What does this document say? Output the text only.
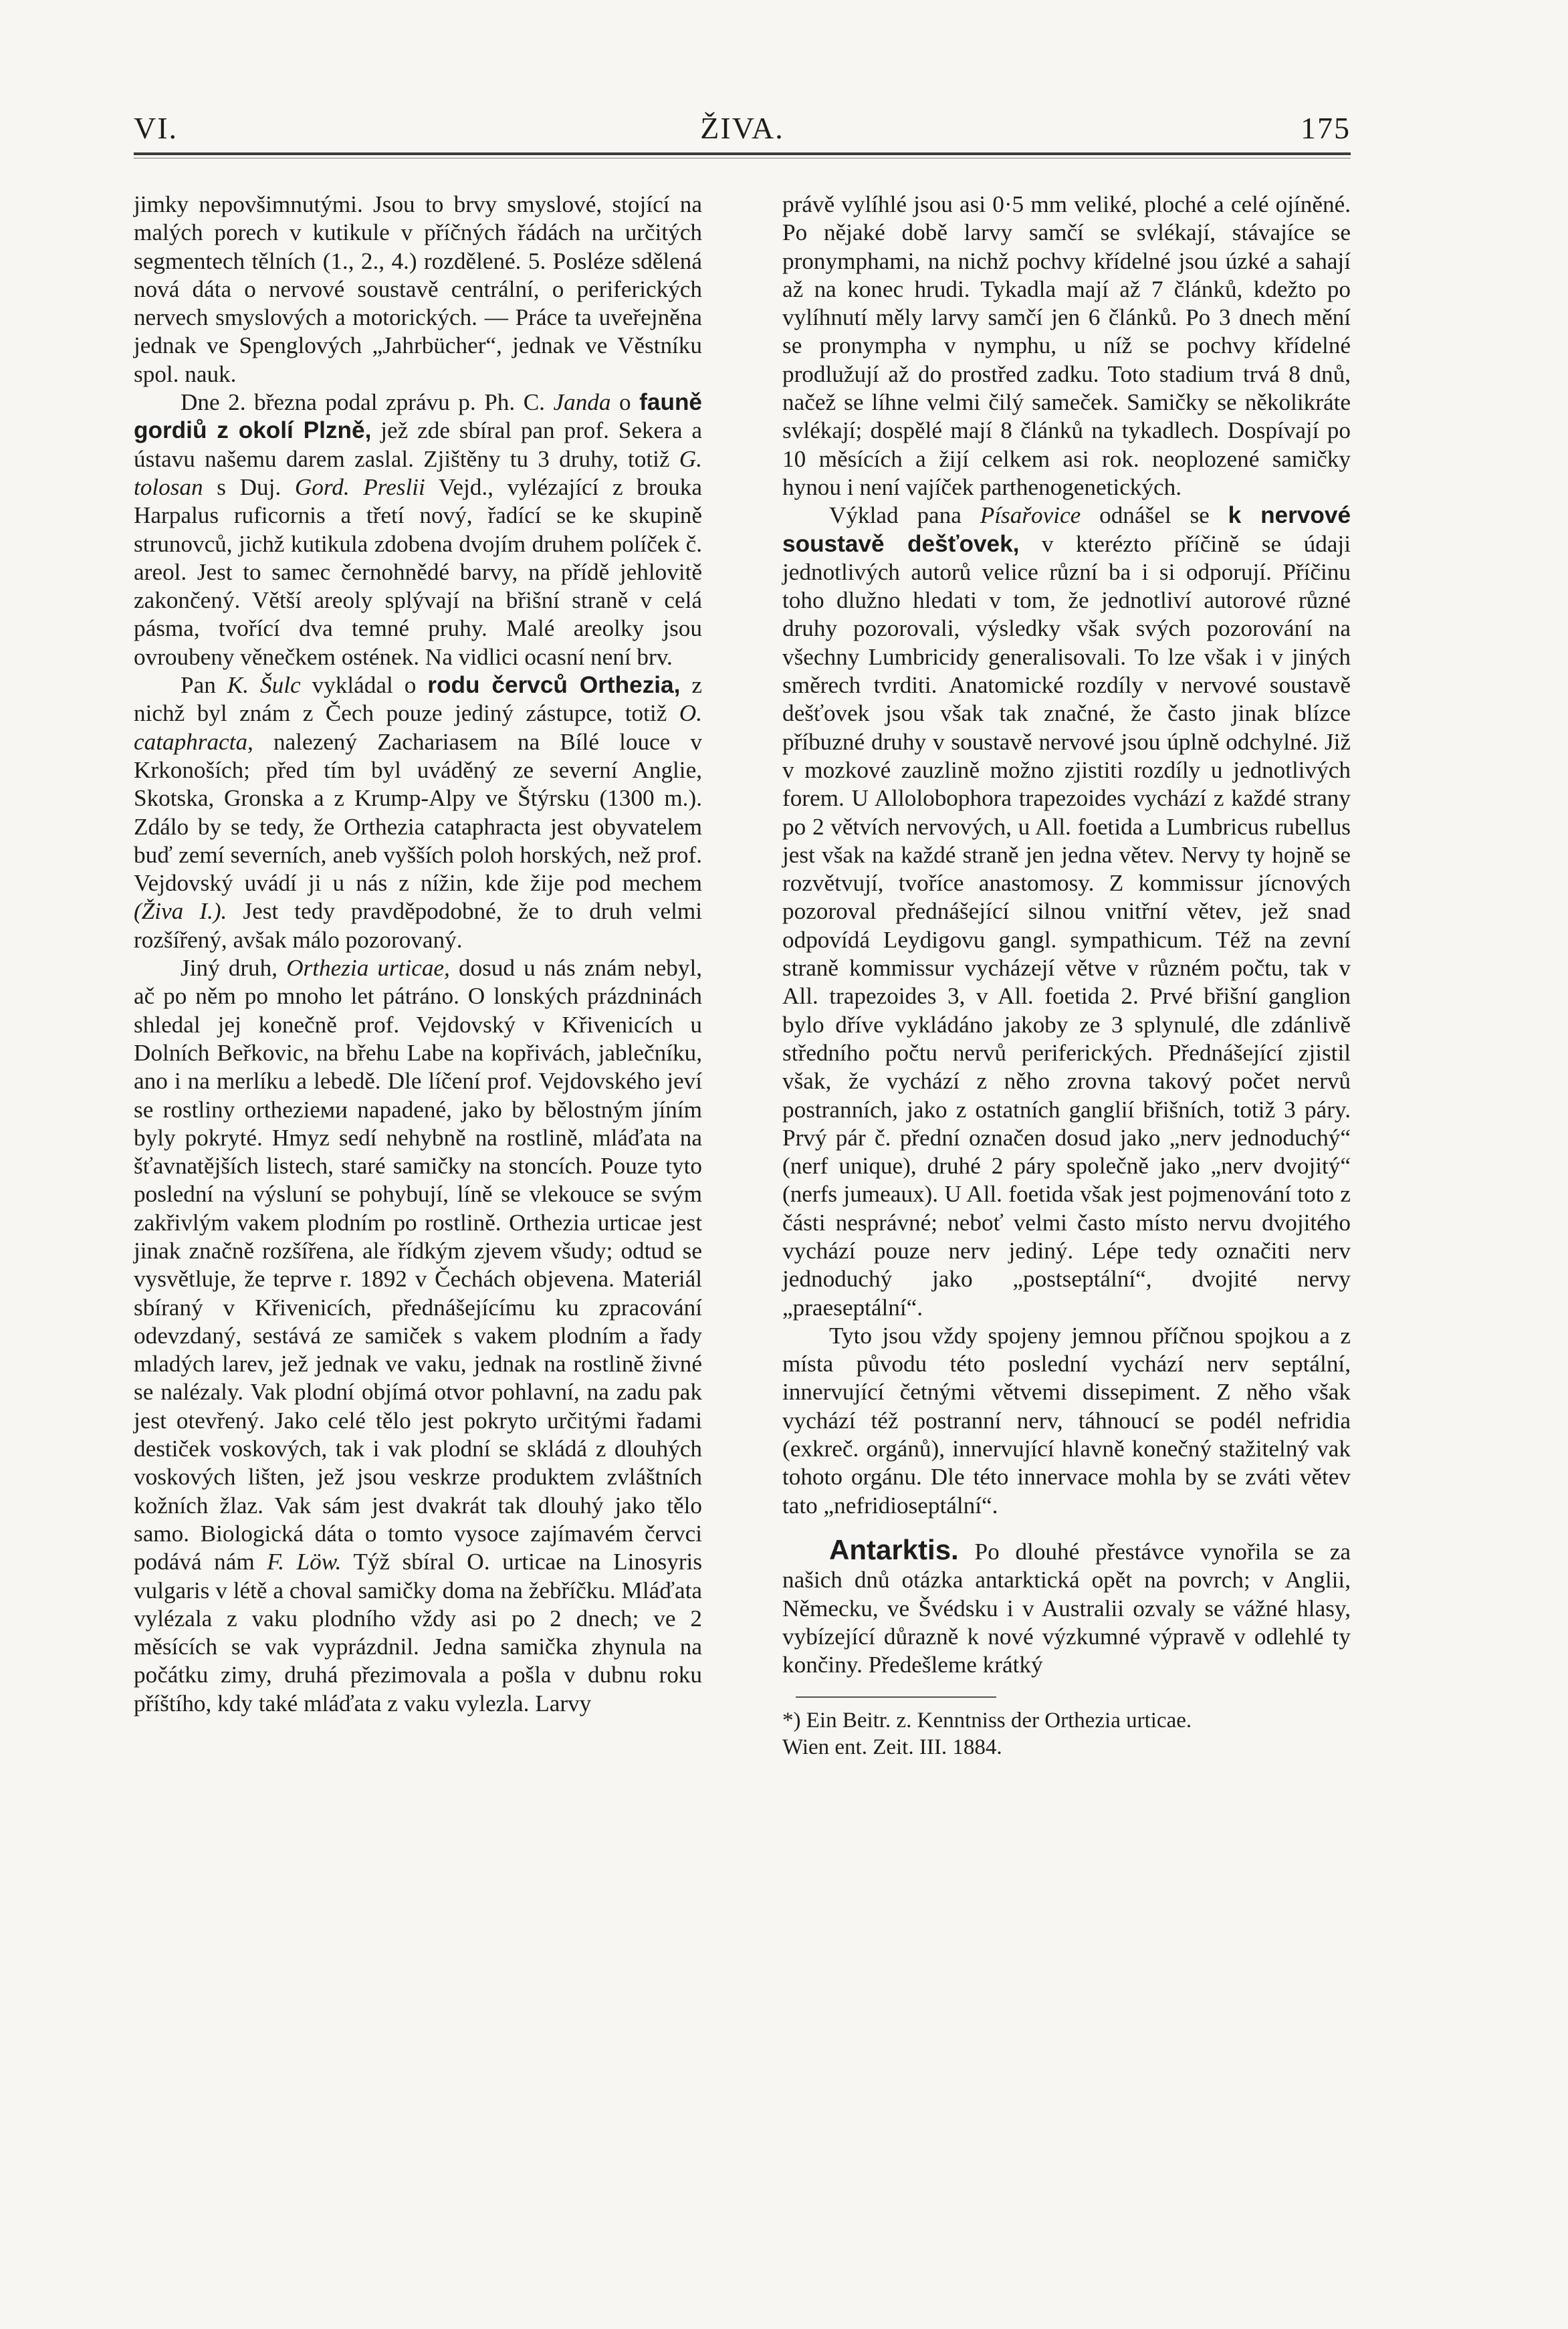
VI.	ŽIVA.	175

jimky nepovšimnutými. Jsou to brvy smyslové, stojící na malých porech v kutikule v příčných řádách na určitých segmentech tělních (1., 2., 4.) rozdělené. 5. Posléze sdělená nová dáta o nervové soustavě centrální, o periferických nervech smyslových a motorických. — Práce ta uveřejněna jednak ve Spenglových „Jahrbücher“, jednak ve Věstníku spol. nauk.

Dne 2. března podal zprávu p. Ph. C. Janda o fauně gordiů z okolí Plzně, jež zde sbíral pan prof. Sekera a ústavu našemu darem zaslal. Zjištěny tu 3 druhy, totiž G. tolosan s Duj. Gord. Preslii Vejd., vylézající z brouka Harpalus ruficornis a třetí nový, řadící se ke skupině strunovců, jichž kutikula zdobena dvojím druhem políček č. areol. Jest to samec černohnědé barvy, na přídě jehlovitě zakončený. Větší areoly splývají na břišní straně v celá pásma, tvořící dva temné pruhy. Malé areolky jsou ovroubeny věnečkem ostének. Na vidlici ocasní není brv.

Pan K. Šulc vykládal o rodu červců Orthezia, z nichž byl znám z Čech pouze jediný zástupce, totiž O. cataphracta, nalezený Zachariasem na Bílé louce v Krkonoších; před tím byl uváděný ze severní Anglie, Skotska, Gronska a z Krump-Alpy ve Štýrsku (1300 m.). Zdálo by se tedy, že Orthezia cataphracta jest obyvatelem buď zemí severních, aneb vyšších poloh horských, než prof. Vejdovský uvádí ji u nás z nížin, kde žije pod mechem (Živa I.). Jest tedy pravděpodobné, že to druh velmi rozšířený, avšak málo pozorovaný.

Jiný druh, Orthezia urticae, dosud u nás znám nebyl, ač po něm po mnoho let pátráno. O lonských prázdninách shledal jej konečně prof. Vejdovský v Křivenicích u Dolních Beřkovic, na břehu Labe na kopřivách, jablečníku, ano i na merlíku a lebedě. Dle líčení prof. Vejdovského jeví se rostliny orthezieми napadené, jako by bělostným jíním byly pokryté. Hmyz sedí nehybně na rostlině, mláďata na šťavnatějších listech, staré samičky na stoncích. Pouze tyto poslední na výsluní se pohybují, líně se vlekouce se svým zakřivlým vakem plodním po rostlině. Orthezia urticae jest jinak značně rozšířena, ale řídkým zjevem všudy; odtud se vysvětluje, že teprve r. 1892 v Čechách objevena. Materiál sbíraný v Křivenicích, přednášejícímu ku zpracování odevzdaný, sestává ze samiček s vakem plodním a řady mladých larev, jež jednak ve vaku, jednak na rostlině živné se nalézaly. Vak plodní objímá otvor pohlavní, na zadu pak jest otevřený. Jako celé tělo jest pokryto určitými řadami destiček voskových, tak i vak plodní se skládá z dlouhých voskových lišten, jež jsou veskrze produktem zvláštních kožních žlaz. Vak sám jest dvakrát tak dlouhý jako tělo samo. Biologická dáta o tomto vysoce zajímavém červci podává nám F. Löw. Týž sbíral O. urticae na Linosyris vulgaris v létě a choval samičky doma na žebříčku. Mláďata vylézala z vaku plodního vždy asi po 2 dnech; ve 2 měsících se vak vyprázdnil. Jedna samička zhynula na počátku zimy, druhá přezimovala a pošla v dubnu roku příštího, kdy také mláďata z vaku vylezla. Larvy

právě vylíhlé jsou asi 0·5 mm veliké, ploché a celé ojíněné. Po nějaké době larvy samčí se svlékají, stávajíce se pronymphami, na nichž pochvy křídelné jsou úzké a sahají až na konec hrudi. Tykadla mají až 7 článků, kdežto po vylíhnutí měly larvy samčí jen 6 článků. Po 3 dnech mění se pronympha v nymphu, u níž se pochvy křídelné prodlužují až do prostřed zadku. Toto stadium trvá 8 dnů, načež se líhne velmi čilý sameček. Samičky se několikráte svlékají; dospělé mají 8 článků na tykadlech. Dospívají po 10 měsících a žijí celkem asi rok. neoplozené samičky hynou i není vajíček parthenogenetických.

Výklad pana Písařovice odnášel se k nervové soustavě dešťovek, v kterézto příčině se údaji jednotlivých autorů velice různí ba i si odporují. Příčinu toho dlužno hledati v tom, že jednotliví autorové různé druhy pozorovali, výsledky však svých pozorování na všechny Lumbricidy generalisovali. To lze však i v jiných směrech tvrditi. Anatomické rozdíly v nervové soustavě dešťovek jsou však tak značné, že často jinak blízce příbuzné druhy v soustavě nervové jsou úplně odchylné. Již v mozkové zauzlině možno zjistiti rozdíly u jednotlivých forem. U Allolobophora trapezoides vychází z každé strany po 2 větvích nervových, u All. foetida a Lumbricus rubellus jest však na každé straně jen jedna větev. Nervy ty hojně se rozvětvují, tvoříce anastomosy. Z kommissur jícnových pozoroval přednášející silnou vnitřní větev, jež snad odpovídá Leydigovu gangl. sympathicum. Též na zevní straně kommissur vycházejí větve v různém počtu, tak v All. trapezoides 3, v All. foetida 2. Prvé břišní ganglion bylo dříve vykládáno jakoby ze 3 splynulé, dle zdánlivě středního počtu nervů periferických. Přednášející zjistil však, že vychází z něho zrovna takový počet nervů postranních, jako z ostatních ganglií břišních, totiž 3 páry. Prvý pár č. přední označen dosud jako „nerv jednoduchý“ (nerf unique), druhé 2 páry společně jako „nerv dvojitý“ (nerfs jumeaux). U All. foetida však jest pojmenování toto z části nesprávné; neboť velmi často místo nervu dvojitého vychází pouze nerv jediný. Lépe tedy označiti nerv jednoduchý jako „postseptální“, dvojité nervy „praeseptální“.

Tyto jsou vždy spojeny jemnou příčnou spojkou a z místa původu této poslední vychází nerv septální, innervující četnými větvemi dissepiment. Z něho však vychází též postranní nerv, táhnoucí se podél nefridia (exkreč. orgánů), innervující hlavně konečný stažitelný vak tohoto orgánu. Dle této innervace mohla by se zváti větev tato „nefridioseptální“.

Antarktis. Po dlouhé přestávce vynořila se za našich dnů otázka antarktická opět na povrch; v Anglii, Německu, ve Švédsku i v Australii ozvaly se vážné hlasy, vybízející důrazně k nové výzkumné výpravě v odlehlé ty končiny. Předešleme krátký

*) Ein Beitr. z. Kenntniss der Orthezia urticae.

Wien ent. Zeit. III. 1884.
